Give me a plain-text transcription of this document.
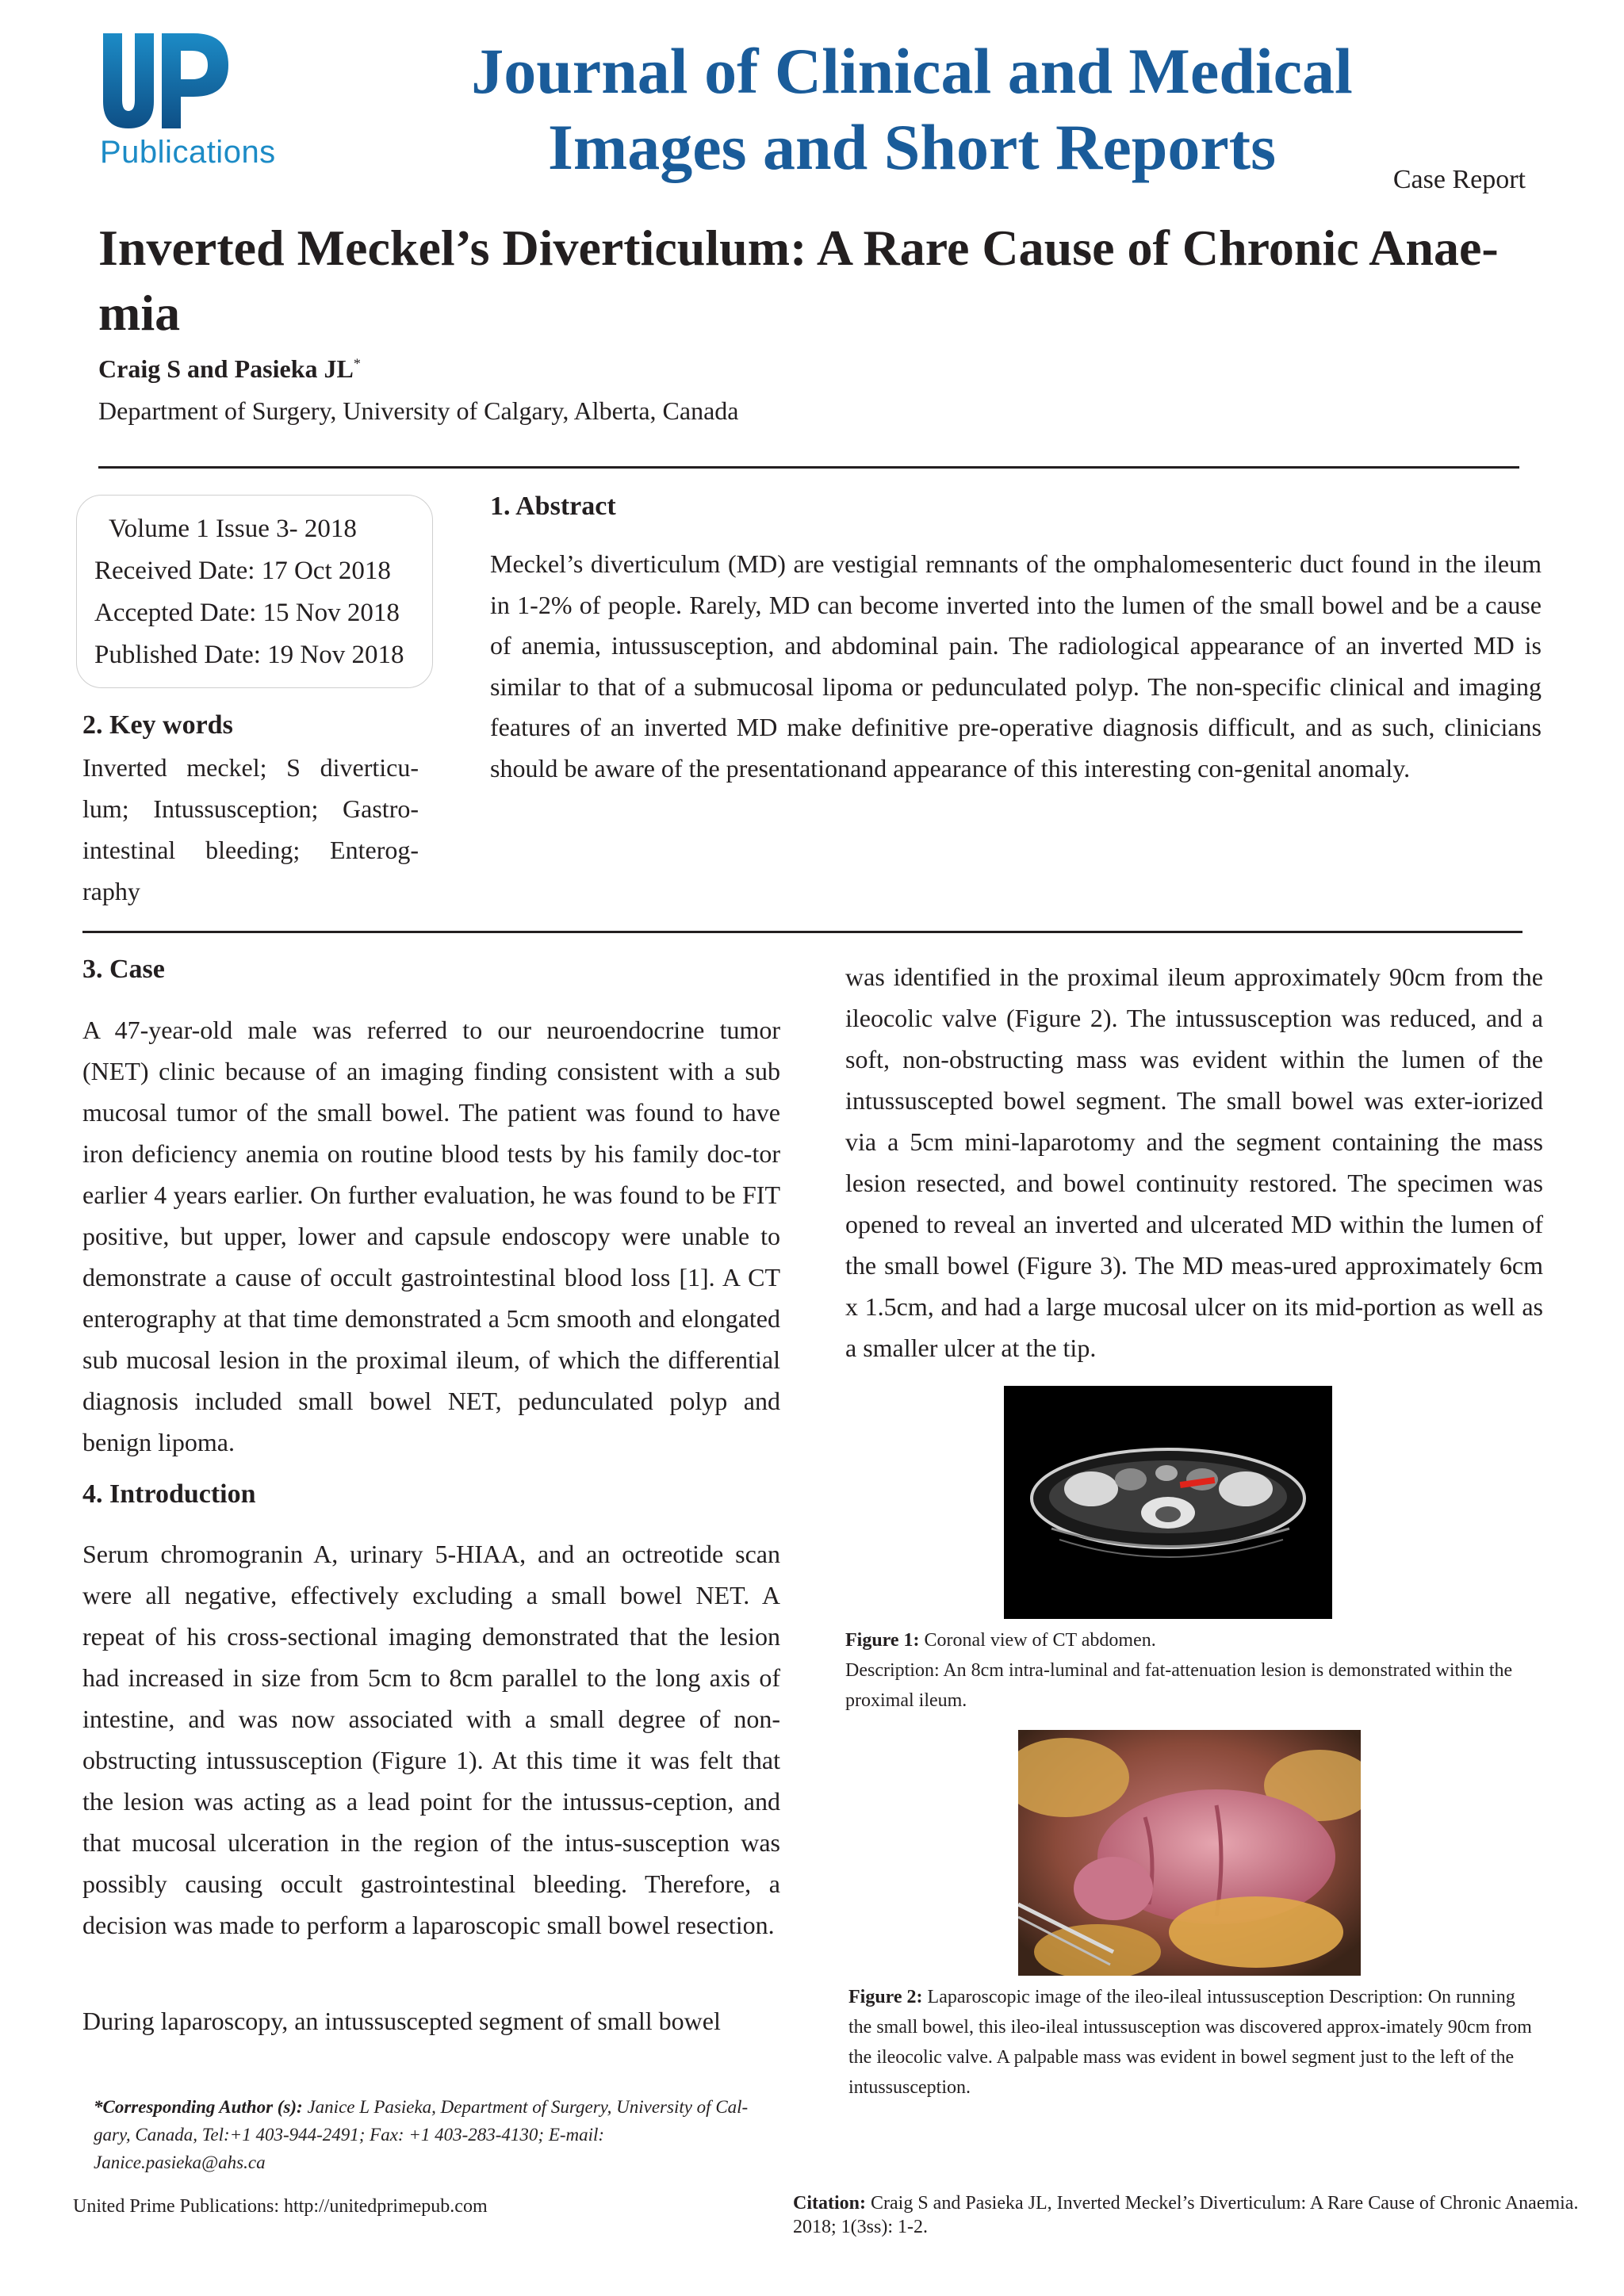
Publications
Journal of Clinical and Medical Images and Short Reports	Case Report
Inverted Meckel’s Diverticulum: A Rare Cause of Chronic Anae-mia
Craig S and Pasieka JL*
Department of Surgery, University of Calgary, Alberta, Canada
Volume 1 Issue 3- 2018
Received Date: 17 Oct 2018
Accepted Date: 15 Nov 2018
Published Date: 19 Nov 2018
2. Key words
Inverted meckel; S diverticu-lum; Intussusception; Gastro-intestinal bleeding; Enterog-raphy
1. Abstract
Meckel’s diverticulum (MD) are vestigial remnants of the omphalomesenteric duct found in the ileum in 1-2% of people. Rarely, MD can become inverted into the lumen of the small bowel and be a cause of anemia, intussusception, and abdominal pain. The radiological appearance of an inverted MD is similar to that of a submucosal lipoma or pedunculated polyp. The non-specific clinical and imaging features of an inverted MD make definitive pre-operative diagnosis difficult, and as such, clinicians should be aware of the presentationand appearance of this interesting con-genital anomaly.
3. Case
A 47-year-old male was referred to our neuroendocrine tumor (NET) clinic because of an imaging finding consistent with a sub mucosal tumor of the small bowel. The patient was found to have iron deficiency anemia on routine blood tests by his family doc-tor earlier 4 years earlier. On further evaluation, he was found to be FIT positive, but upper, lower and capsule endoscopy were unable to demonstrate a cause of occult gastrointestinal blood loss [1]. A CT enterography at that time demonstrated a 5cm smooth and elongated sub mucosal lesion in the proximal ileum, of which the differential diagnosis included small bowel NET, pedunculated polyp and benign lipoma.
4. Introduction
Serum chromogranin A, urinary 5-HIAA, and an octreotide scan were all negative, effectively excluding a small bowel NET. A repeat of his cross-sectional imaging demonstrated that the lesion had increased in size from 5cm to 8cm parallel to the long axis of intestine, and was now associated with a small degree of non-obstructing intussusception (Figure 1). At this time it was felt that the lesion was acting as a lead point for the intussus-ception, and that mucosal ulceration in the region of the intus-susception was possibly causing occult gastrointestinal bleeding. Therefore, a decision was made to perform a laparoscopic small bowel resection.
During laparoscopy, an intussuscepted segment of small bowel
was identified in the proximal ileum approximately 90cm from the ileocolic valve (Figure 2). The intussusception was reduced, and a soft, non-obstructing mass was evident within the lumen of the intussuscepted bowel segment. The small bowel was exter-iorized via a 5cm mini-laparotomy and the segment containing the mass lesion resected, and bowel continuity restored. The specimen was opened to reveal an inverted and ulcerated MD within the lumen of the small bowel (Figure 3). The MD meas-ured approximately 6cm x 1.5cm, and had a large mucosal ulcer on its mid-portion as well as a smaller ulcer at the tip.
Figure 1: Coronal view of CT abdomen.
Description: An 8cm intra-luminal and fat-attenuation lesion is demonstrated within the proximal ileum.
Figure 2: Laparoscopic image of the ileo-ileal intussusception Description: On running the small bowel, this ileo-ileal intussusception was discovered approx-imately 90cm from the ileocolic valve. A palpable mass was evident in bowel segment just to the left of the intussusception.
*Corresponding Author (s): Janice L Pasieka, Department of Surgery, University of Cal-gary, Canada, Tel:+1 403-944-2491; Fax: +1 403-283-4130; E-mail: Janice.pasieka@ahs.ca
United Prime Publications: http://unitedprimepub.com	Citation: Craig S and Pasieka JL, Inverted Meckel’s Diverticulum: A Rare Cause of Chronic Anaemia. 2018; 1(3ss): 1-2.
